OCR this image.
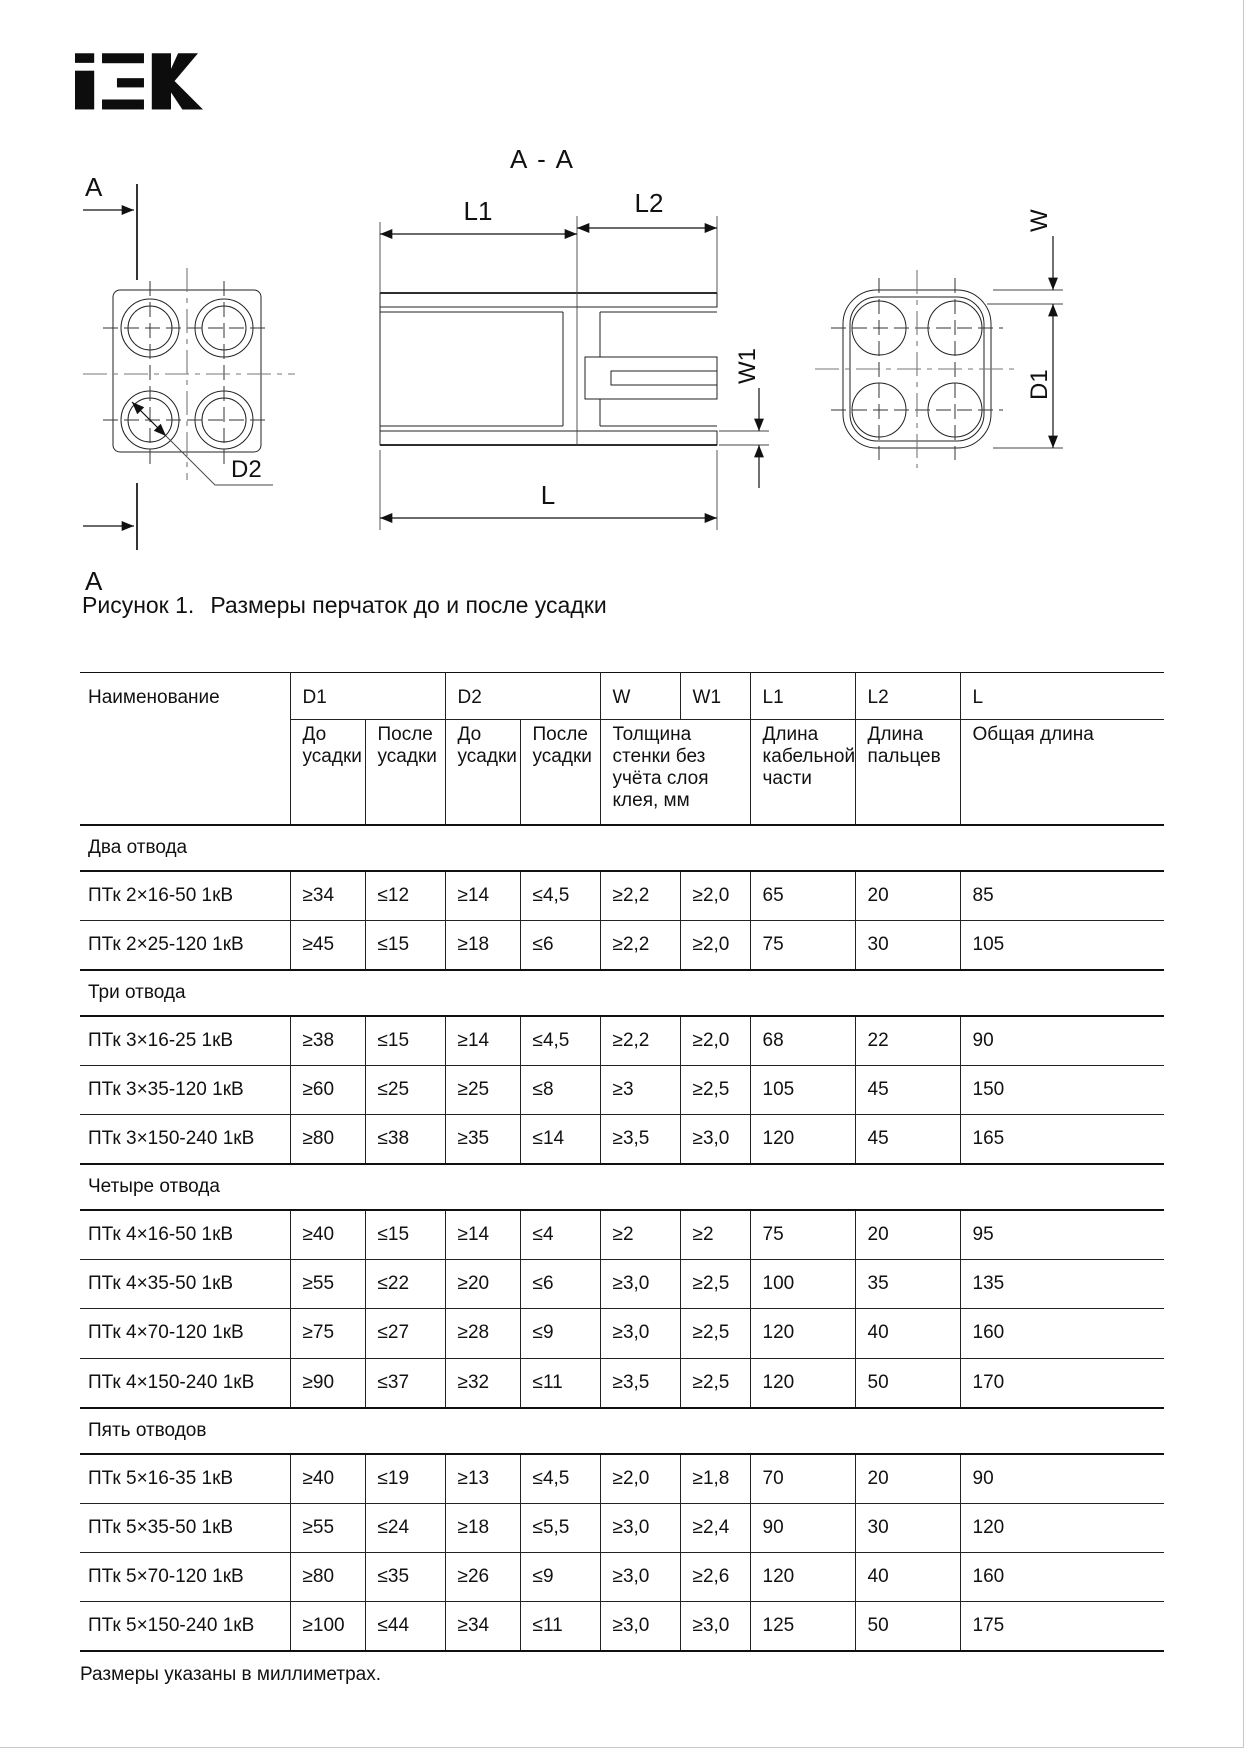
A
A
D2
A - A
W1
L1	L2
L
W
D1
Рисунок 1. Размеры перчаток до и после усадки
Наименование	D1		D2		W	W1	L1	L2	L
	До усадки	После усадки	До усадки	После усадки	Толщина стенки без учёта слоя клея, мм		Длина кабельной части	Длина пальцев	Общая длина
Два отвода									
ПТк 2×16-50 1кВ	≥34	≤12	≥14	≤4,5	≥2,2	≥2,0	65	20	85
ПТк 2×25-120 1кВ	≥45	≤15	≥18	≤6	≥2,2	≥2,0	75	30	105
Три отвода									
ПТк 3×16-25 1кВ	≥38	≤15	≥14	≤4,5	≥2,2	≥2,0	68	22	90
ПТк 3×35-120 1кВ	≥60	≤25	≥25	≤8	≥3	≥2,5	105	45	150
ПТк 3×150-240 1кВ	≥80	≤38	≥35	≤14	≥3,5	≥3,0	120	45	165
Четыре отвода									
ПТк 4×16-50 1кВ	≥40	≤15	≥14	≤4	≥2	≥2	75	20	95
ПТк 4×35-50 1кВ	≥55	≤22	≥20	≤6	≥3,0	≥2,5	100	35	135
ПТк 4×70-120 1кВ	≥75	≤27	≥28	≤9	≥3,0	≥2,5	120	40	160
ПТк 4×150-240 1кВ	≥90	≤37	≥32	≤11	≥3,5	≥2,5	120	50	170
Пять отводов									
ПТк 5×16-35 1кВ	≥40	≤19	≥13	≤4,5	≥2,0	≥1,8	70	20	90
ПТк 5×35-50 1кВ	≥55	≤24	≥18	≤5,5	≥3,0	≥2,4	90	30	120
ПТк 5×70-120 1кВ	≥80	≤35	≥26	≤9	≥3,0	≥2,6	120	40	160
ПТк 5×150-240 1кВ	≥100	≤44	≥34	≤11	≥3,0	≥3,0	125	50	175
Размеры указаны в миллиметрах.
